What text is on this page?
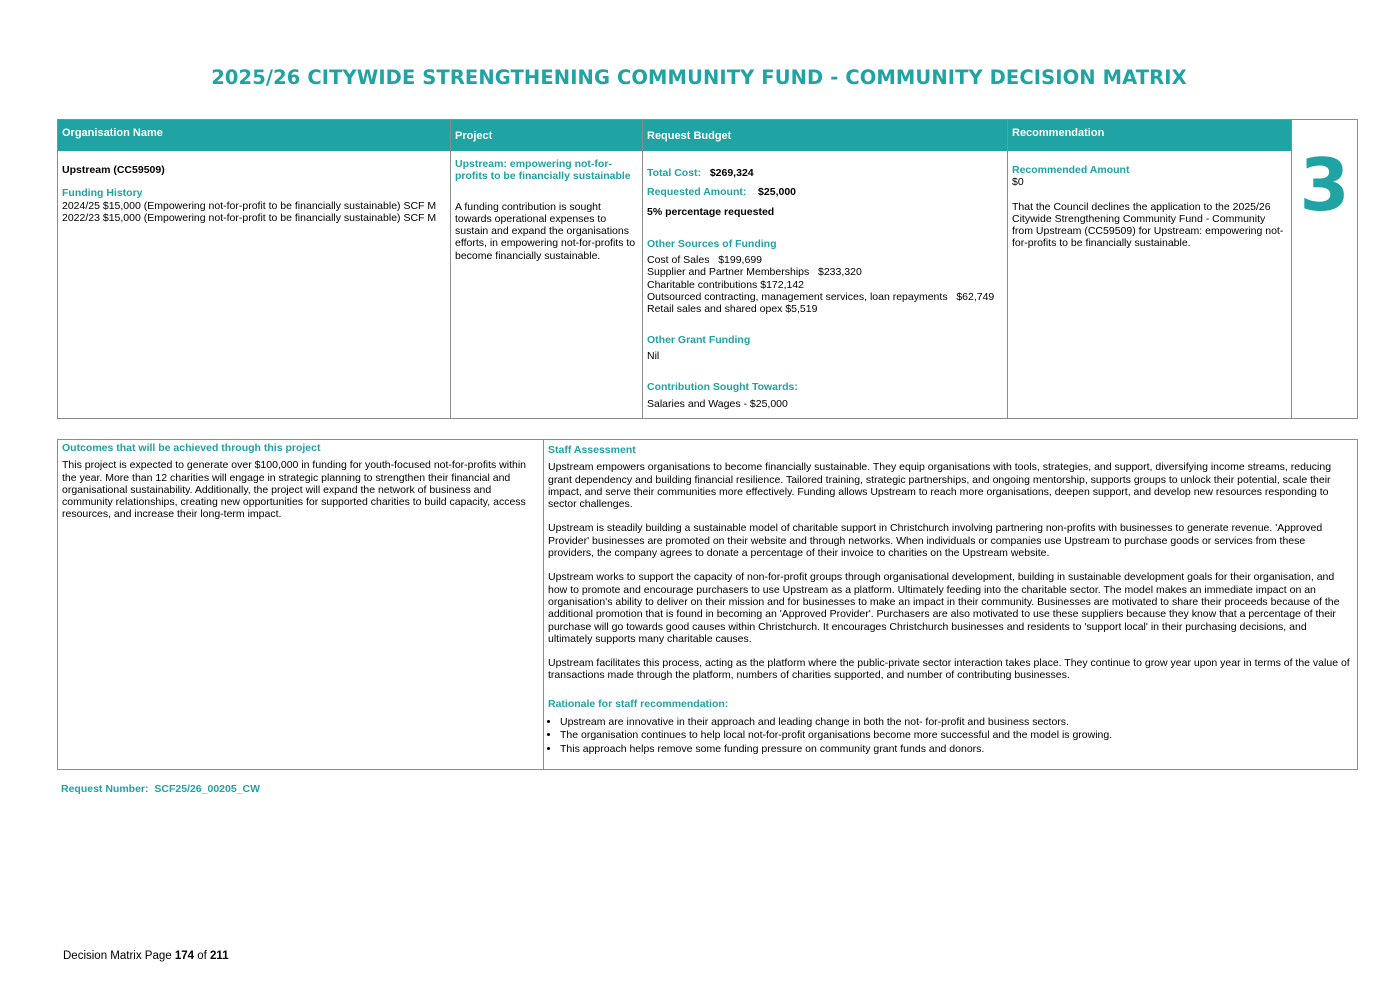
2025/26 CITYWIDE STRENGTHENING COMMUNITY FUND - COMMUNITY DECISION MATRIX
Organisation Name

Upstream (CC59509)

Funding History

2024/25 $15,000 (Empowering not-for-profit to be financially sustainable) SCF M

2022/23 $15,000 (Empowering not-for-profit to be financially sustainable) SCF M

Project

Upstream: empowering not-for-profits to be financially sustainable

A funding contribution is sought towards operational expenses to sustain and expand the organisations efforts, in empowering not-for-profits to become financially sustainable.

Request Budget

Total Cost: $269,324

Requested Amount: $25,000

5% percentage requested

Other Sources of Funding

Cost of Sales   $199,699

Supplier and Partner Memberships   $233,320

Charitable contributions $172,142

Outsourced contracting, management services, loan repayments   $62,749

Retail sales and shared opex $5,519

Other Grant Funding

Nil

Contribution Sought Towards:

Salaries and Wages - $25,000

Recommendation

Recommended Amount

$0

That the Council declines the application to the 2025/26 Citywide Strengthening Community Fund - Community from Upstream (CC59509) for Upstream: empowering not-for-profits to be financially sustainable.

3

Outcomes that will be achieved through this project

This project is expected to generate over $100,000 in funding for youth-focused not-for-profits within the year. More than 12 charities will engage in strategic planning to strengthen their financial and organisational sustainability. Additionally, the project will expand the network of business and community relationships, creating new opportunities for supported charities to build capacity, access resources, and increase their long-term impact.

Staff Assessment

Upstream empowers organisations to become financially sustainable. They equip organisations with tools, strategies, and support, diversifying income streams, reducing grant dependency and building financial resilience. Tailored training, strategic partnerships, and ongoing mentorship, supports groups to unlock their potential, scale their impact, and serve their communities more effectively. Funding allows Upstream to reach more organisations, deepen support, and develop new resources responding to sector challenges.

Upstream is steadily building a sustainable model of charitable support in Christchurch involving partnering non-profits with businesses to generate revenue. 'Approved Provider' businesses are promoted on their website and through networks. When individuals or companies use Upstream to purchase goods or services from these providers, the company agrees to donate a percentage of their invoice to charities on the Upstream website.

Upstream works to support the capacity of non-for-profit groups through organisational development, building in sustainable development goals for their organisation, and how to promote and encourage purchasers to use Upstream as a platform. Ultimately feeding into the charitable sector. The model makes an immediate impact on an organisation's ability to deliver on their mission and for businesses to make an impact in their community. Businesses are motivated to share their proceeds because of the additional promotion that is found in becoming an 'Approved Provider'. Purchasers are also motivated to use these suppliers because they know that a percentage of their purchase will go towards good causes within Christchurch. It encourages Christchurch businesses and residents to 'support local' in their purchasing decisions, and ultimately supports many charitable causes.

Upstream facilitates this process, acting as the platform where the public-private sector interaction takes place. They continue to grow year upon year in terms of the value of transactions made through the platform, numbers of charities supported, and number of contributing businesses.

Rationale for staff recommendation:

• Upstream are innovative in their approach and leading change in both the not- for-profit and business sectors.
• The organisation continues to help local not-for-profit organisations become more successful and the model is growing.
• This approach helps remove some funding pressure on community grant funds and donors.
Request Number: SCF25/26_00205_CW
Decision Matrix Page 174 of 211
